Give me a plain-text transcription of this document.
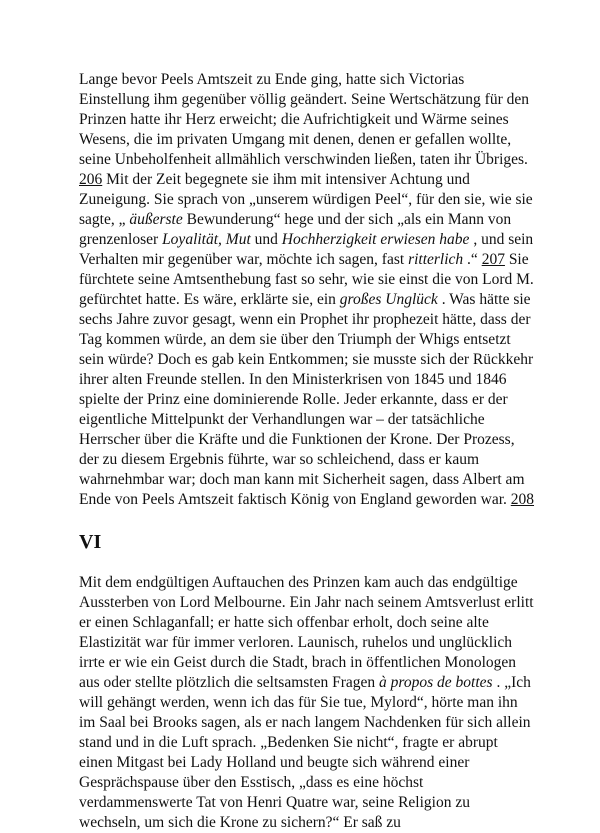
Lange bevor Peels Amtszeit zu Ende ging, hatte sich Victorias Einstellung ihm gegenüber völlig geändert. Seine Wertschätzung für den Prinzen hatte ihr Herz erweicht; die Aufrichtigkeit und Wärme seines Wesens, die im privaten Umgang mit denen, denen er gefallen wollte, seine Unbeholfenheit allmählich verschwinden ließen, taten ihr Übriges. 206 Mit der Zeit begegnete sie ihm mit intensiver Achtung und Zuneigung. Sie sprach von „unserem würdigen Peel“, für den sie, wie sie sagte, „ äußerste Bewunderung“ hege und der sich „als ein Mann von grenzenloser Loyalität, Mut und Hochherzigkeit erwiesen habe , und sein Verhalten mir gegenüber war, möchte ich sagen, fast ritterlich .“ 207 Sie fürchtete seine Amtsenthebung fast so sehr, wie sie einst die von Lord M. gefürchtet hatte. Es wäre, erklärte sie, ein großes Unglück . Was hätte sie sechs Jahre zuvor gesagt, wenn ein Prophet ihr prophezeit hätte, dass der Tag kommen würde, an dem sie über den Triumph der Whigs entsetzt sein würde? Doch es gab kein Entkommen; sie musste sich der Rückkehr ihrer alten Freunde stellen. In den Ministerkrisen von 1845 und 1846 spielte der Prinz eine dominierende Rolle. Jeder erkannte, dass er der eigentliche Mittelpunkt der Verhandlungen war – der tatsächliche Herrscher über die Kräfte und die Funktionen der Krone. Der Prozess, der zu diesem Ergebnis führte, war so schleichend, dass er kaum wahrnehmbar war; doch man kann mit Sicherheit sagen, dass Albert am Ende von Peels Amtszeit faktisch König von England geworden war. 208

VI

Mit dem endgültigen Auftauchen des Prinzen kam auch das endgültige Aussterben von Lord Melbourne. Ein Jahr nach seinem Amtsverlust erlitt er einen Schlaganfall; er hatte sich offenbar erholt, doch seine alte Elastizität war für immer verloren. Launisch, ruhelos und unglücklich irrte er wie ein Geist durch die Stadt, brach in öffentlichen Monologen aus oder stellte plötzlich die seltsamsten Fragen à propos de bottes . „Ich will gehängt werden, wenn ich das für Sie tue, Mylord“, hörte man ihn im Saal bei Brooks sagen, als er nach langem Nachdenken für sich allein stand und in die Luft sprach. „Bedenken Sie nicht“, fragte er abrupt einen Mitgast bei Lady Holland und beugte sich während einer Gesprächspause über den Esstisch, „dass es eine höchst verdammenswerte Tat von Henri Quatre war, seine Religion zu wechseln, um sich die Krone zu sichern?“ Er saß zu
